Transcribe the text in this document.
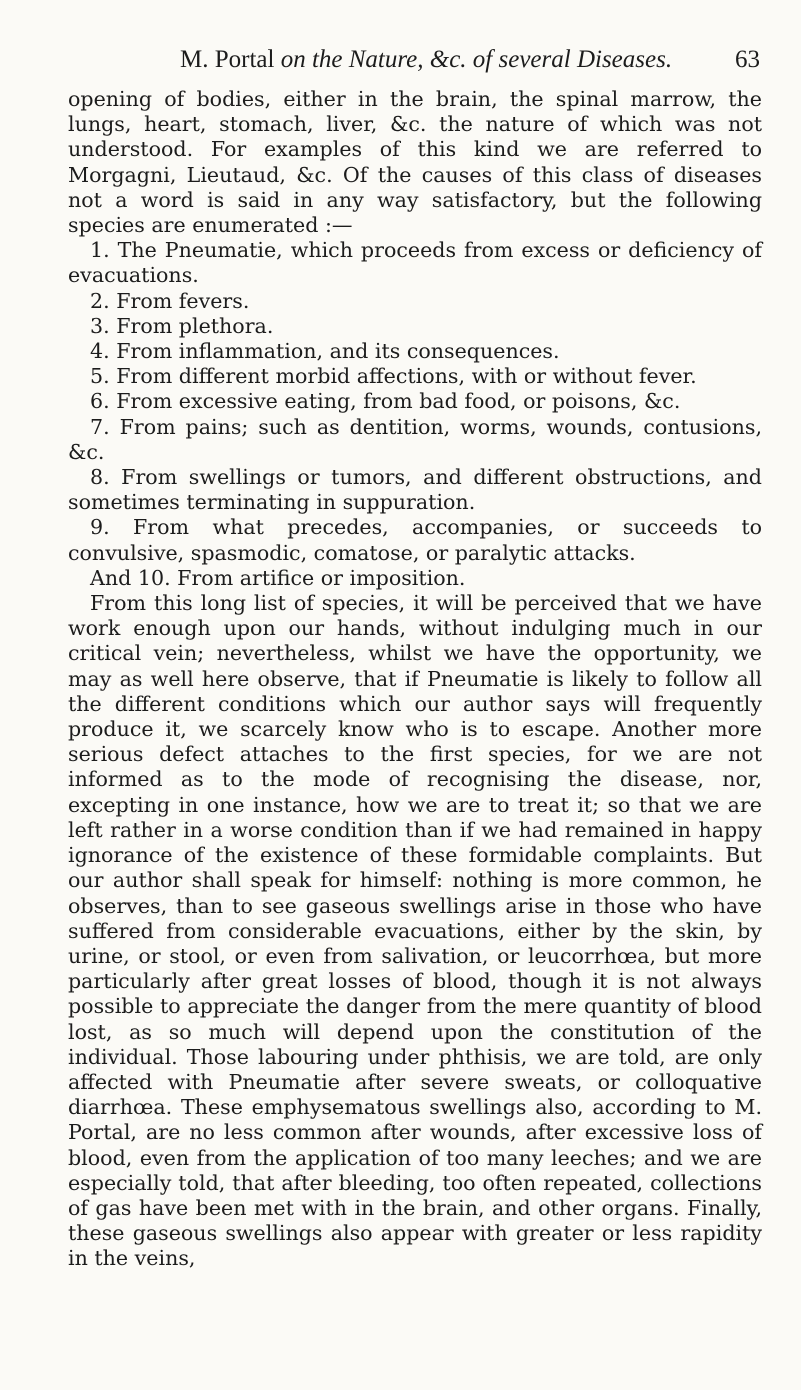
M. Portal on the Nature, &c. of several Diseases.	63

opening of bodies, either in the brain, the spinal marrow, the lungs, heart, stomach, liver, &c. the nature of which was not understood. For examples of this kind we are referred to Morgagni, Lieutaud, &c. Of the causes of this class of diseases not a word is said in any way satisfactory, but the following species are enumerated :—

1. The Pneumatie, which proceeds from excess or deficiency of evacuations.

2. From fevers.

3. From plethora.

4. From inflammation, and its consequences.

5. From different morbid affections, with or without fever.

6. From excessive eating, from bad food, or poisons, &c.

7. From pains; such as dentition, worms, wounds, contusions, &c.

8. From swellings or tumors, and different obstructions, and sometimes terminating in suppuration.

9. From what precedes, accompanies, or succeeds to convulsive, spasmodic, comatose, or paralytic attacks.

And 10. From artifice or imposition.

From this long list of species, it will be perceived that we have work enough upon our hands, without indulging much in our critical vein; nevertheless, whilst we have the opportunity, we may as well here observe, that if Pneumatie is likely to follow all the different conditions which our author says will frequently produce it, we scarcely know who is to escape. Another more serious defect attaches to the first species, for we are not informed as to the mode of recognising the disease, nor, excepting in one instance, how we are to treat it; so that we are left rather in a worse condition than if we had remained in happy ignorance of the existence of these formidable complaints. But our author shall speak for himself: nothing is more common, he observes, than to see gaseous swellings arise in those who have suffered from considerable evacuations, either by the skin, by urine, or stool, or even from salivation, or leucorrhœa, but more particularly after great losses of blood, though it is not always possible to appreciate the danger from the mere quantity of blood lost, as so much will depend upon the constitution of the individual. Those labouring under phthisis, we are told, are only affected with Pneumatie after severe sweats, or colloquative diarrhœa. These emphysematous swellings also, according to M. Portal, are no less common after wounds, after excessive loss of blood, even from the application of too many leeches; and we are especially told, that after bleeding, too often repeated, collections of gas have been met with in the brain, and other organs. Finally, these gaseous swellings also appear with greater or less rapidity in the veins,
